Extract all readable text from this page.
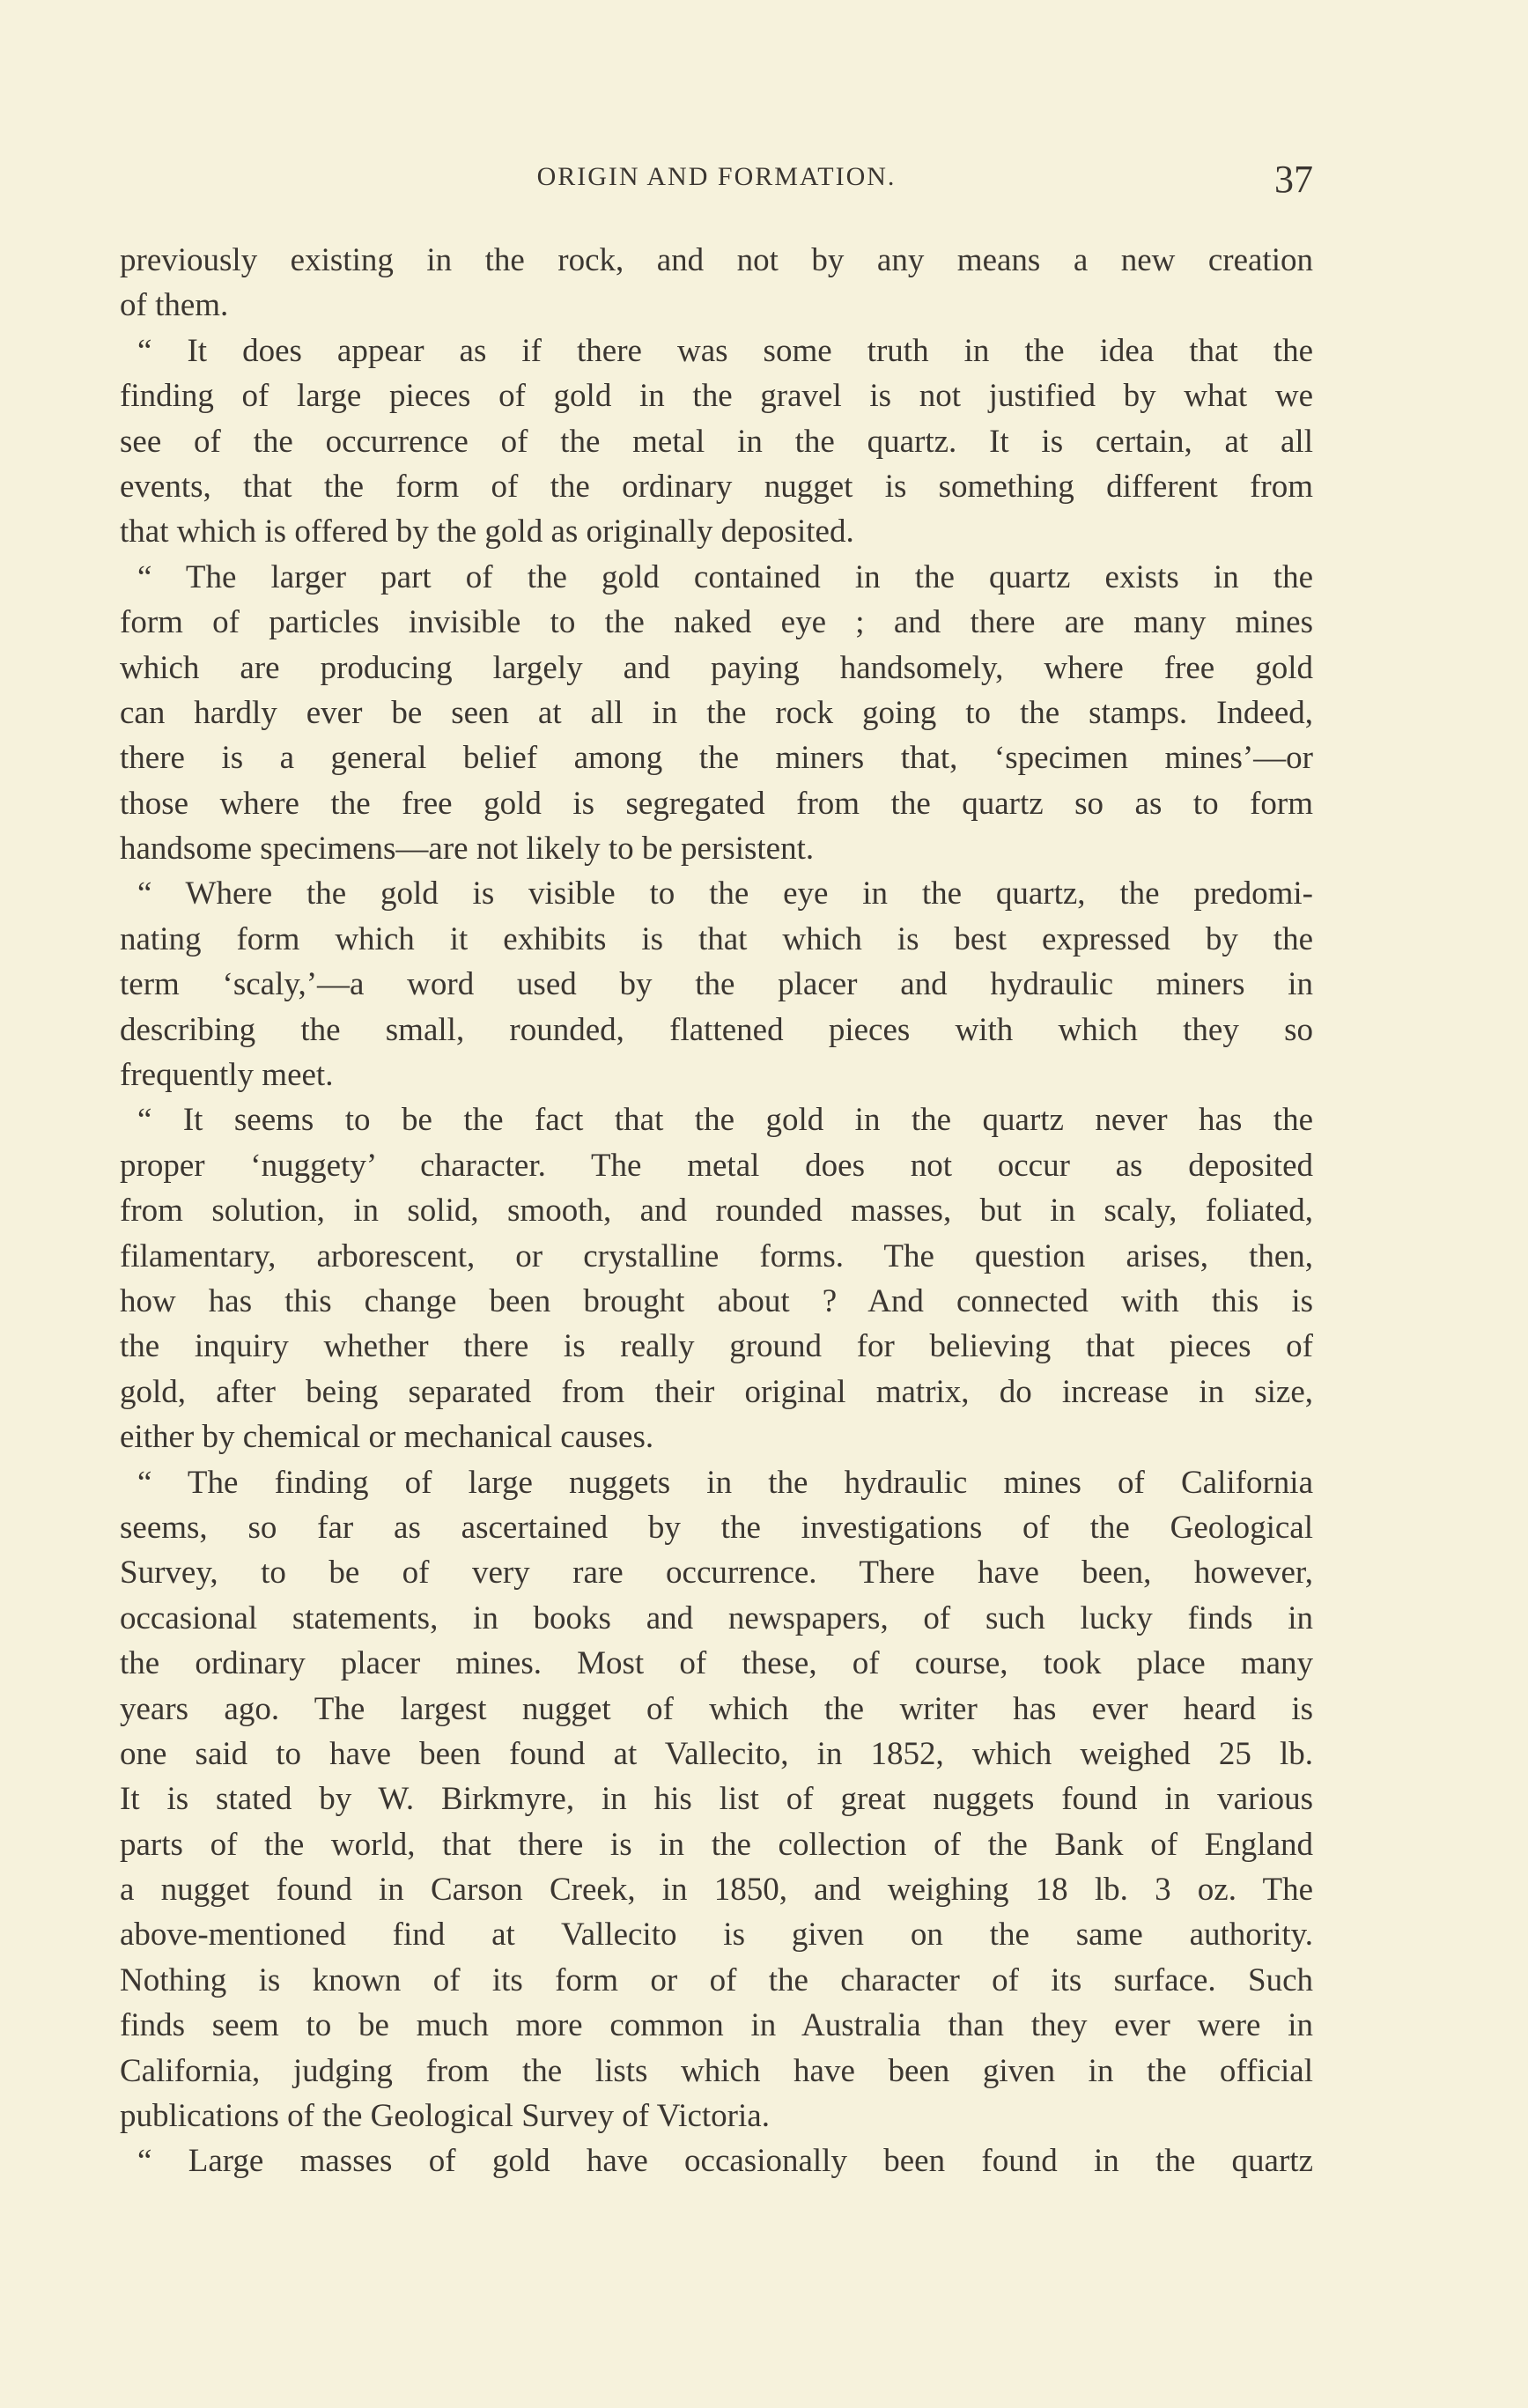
ORIGIN AND FORMATION.	37
previously existing in the rock, and not by any means a new creation
of them.
“ It does appear as if there was some truth in the idea that the
finding of large pieces of gold in the gravel is not justified by what we
see of the occurrence of the metal in the quartz. It is certain, at all
events, that the form of the ordinary nugget is something different from
that which is offered by the gold as originally deposited.
“ The larger part of the gold contained in the quartz exists in the
form of particles invisible to the naked eye ; and there are many mines
which are producing largely and paying handsomely, where free gold
can hardly ever be seen at all in the rock going to the stamps. Indeed,
there is a general belief among the miners that, ‘specimen mines’—or
those where the free gold is segregated from the quartz so as to form
handsome specimens—are not likely to be persistent.
“ Where the gold is visible to the eye in the quartz, the predomi-
nating form which it exhibits is that which is best expressed by the
term ‘scaly,’—a word used by the placer and hydraulic miners in
describing the small, rounded, flattened pieces with which they so
frequently meet.
“ It seems to be the fact that the gold in the quartz never has the
proper ‘nuggety’ character. The metal does not occur as deposited
from solution, in solid, smooth, and rounded masses, but in scaly, foliated,
filamentary, arborescent, or crystalline forms. The question arises, then,
how has this change been brought about ? And connected with this is
the inquiry whether there is really ground for believing that pieces of
gold, after being separated from their original matrix, do increase in size,
either by chemical or mechanical causes.
“ The finding of large nuggets in the hydraulic mines of California
seems, so far as ascertained by the investigations of the Geological
Survey, to be of very rare occurrence. There have been, however,
occasional statements, in books and newspapers, of such lucky finds in
the ordinary placer mines. Most of these, of course, took place many
years ago. The largest nugget of which the writer has ever heard is
one said to have been found at Vallecito, in 1852, which weighed 25 lb.
It is stated by W. Birkmyre, in his list of great nuggets found in various
parts of the world, that there is in the collection of the Bank of England
a nugget found in Carson Creek, in 1850, and weighing 18 lb. 3 oz. The
above-mentioned find at Vallecito is given on the same authority.
Nothing is known of its form or of the character of its surface. Such
finds seem to be much more common in Australia than they ever were in
California, judging from the lists which have been given in the official
publications of the Geological Survey of Victoria.
“ Large masses of gold have occasionally been found in the quartz
